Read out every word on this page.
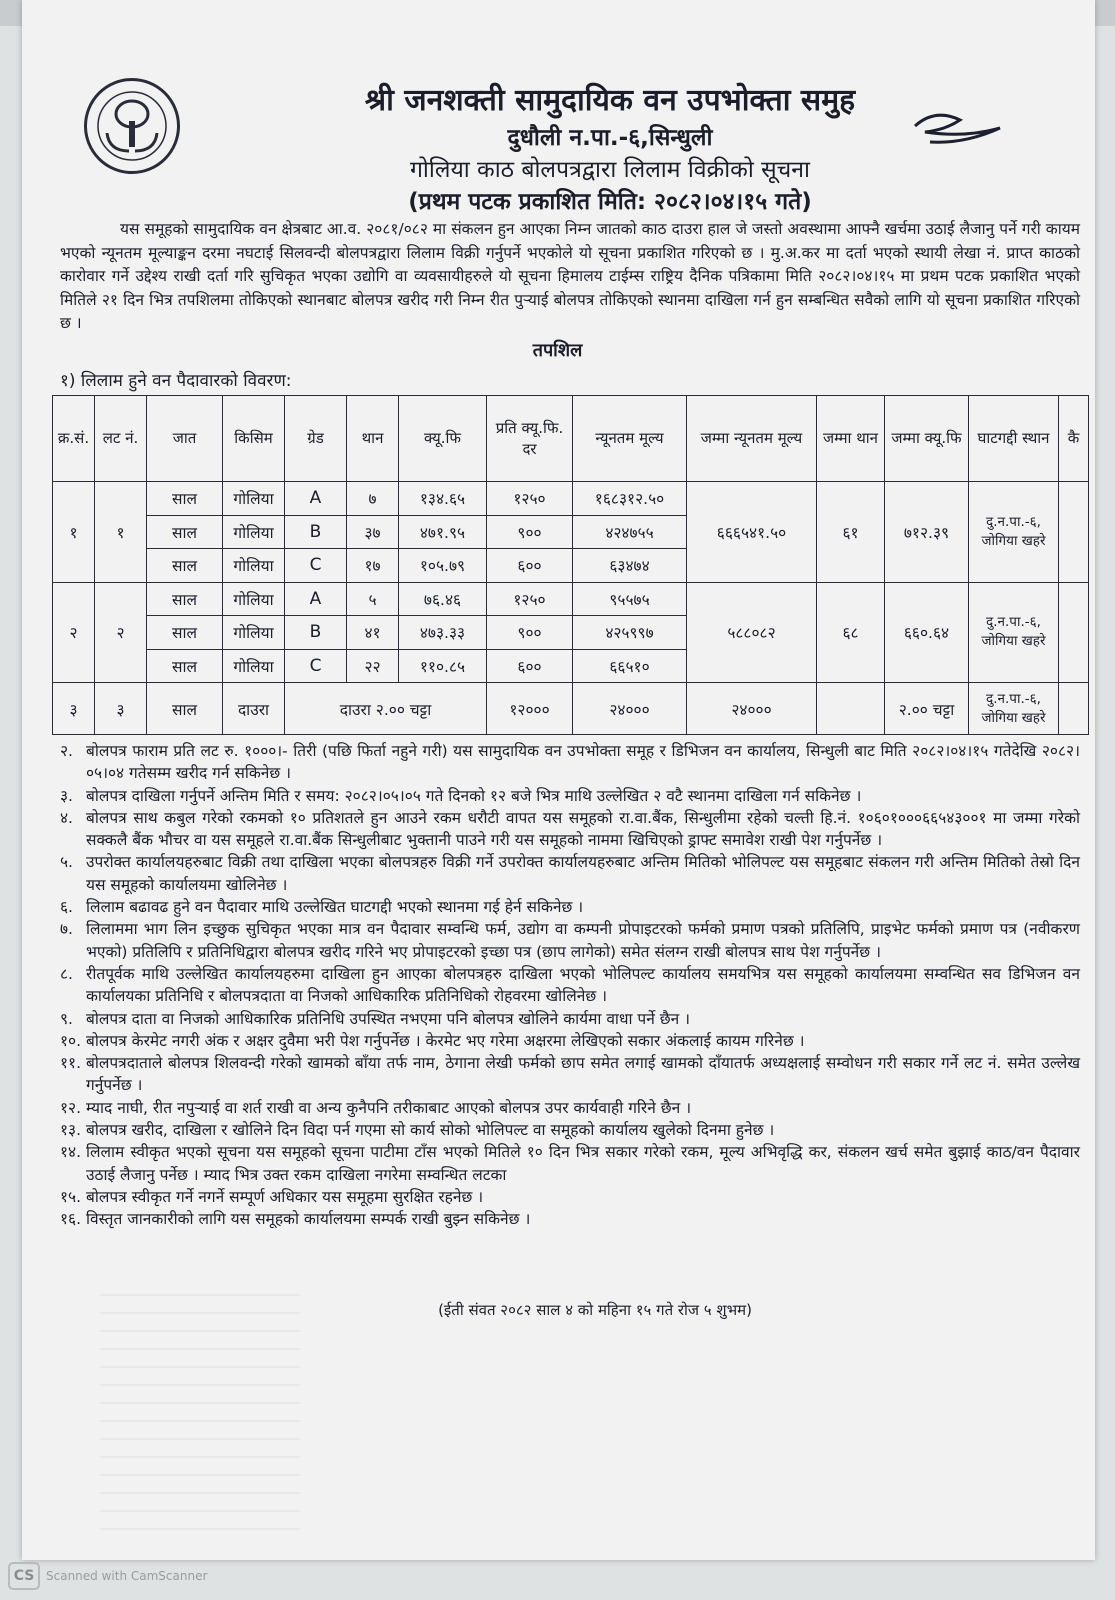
श्री जनशक्ती सामुदायिक वन उपभोक्ता समुह
दुधौली न.पा.-६,सिन्धुली
गोलिया काठ बोलपत्रद्वारा लिलाम विक्रीको सूचना
(प्रथम पटक प्रकाशित मिति: २०८२।०४।१५ गते)
यस समूहको सामुदायिक वन क्षेत्रबाट आ.व. २०८१/०८२ मा संकलन हुन आएका निम्न जातको काठ दाउरा हाल जे जस्तो अवस्थामा आफ्नै खर्चमा उठाई लैजानु पर्ने गरी कायम भएको न्यूनतम मूल्याङ्कन दरमा नघटाई सिलवन्दी बोलपत्रद्वारा लिलाम विक्री गर्नुपर्ने भएकोले यो सूचना प्रकाशित गरिएको छ । मु.अ.कर मा दर्ता भएको स्थायी लेखा नं. प्राप्त काठको कारोवार गर्ने उद्देश्य राखी दर्ता गरि सुचिकृत भएका उद्योगि वा व्यवसायीहरुले यो सूचना हिमालय टाईम्स राष्ट्रिय दैनिक पत्रिकामा मिति २०८२।०४।१५ मा प्रथम पटक प्रकाशित भएको मितिले २१ दिन भित्र तपशिलमा तोकिएको स्थानबाट बोलपत्र खरीद गरी निम्न रीत पुर्‍याई बोलपत्र तोकिएको स्थानमा दाखिला गर्न हुन सम्बन्धित सवैको लागि यो सूचना प्रकाशित गरिएको छ ।
तपशिल
१) लिलाम हुने वन पैदावारको विवरण:
क्र.सं.	लट नं.	जात	किसिम	ग्रेड	थान	क्यू.फि	प्रति क्यू.फि. दर	न्यूनतम मूल्य	जम्मा न्यूनतम मूल्य	जम्मा थान	जम्मा क्यू.फि	घाटगद्दी स्थान	कै
१	१	साल	गोलिया	A	७	१३४.६५	१२५०	१६८३१२.५०	६६६५४१.५०	६१	७१२.३९	दु.न.पा.-६,
जोगिया खहरे	

		साल	गोलिया	B	३७	४७१.९५	९००	४२४७५५					
		साल	गोलिया	C	१७	१०५.७९	६००	६३४७४					
२	२	साल	गोलिया	A	५	७६.४६	१२५०	९५५७५	५८८०८२	६८	६६०.६४	दु.न.पा.-६,
जोगिया खहरे	

		साल	गोलिया	B	४१	४७३.३३	९००	४२५९९७					
		साल	गोलिया	C	२२	११०.८५	६००	६६५१०					
३	३	साल	दाउरा	दाउरा २.०० चट्टा			१२०००	२४०००	२४०००		२.०० चट्टा	दु.न.पा.-६,
जोगिया खहरे	

२. बोलपत्र फाराम प्रति लट रु. १०००।- तिरी (पछि फिर्ता नहुने गरी) यस सामुदायिक वन उपभोक्ता समूह र डिभिजन वन कार्यालय, सिन्धुली बाट मिति २०८२।०४।१५ गतेदेखि २०८२।०५।०४ गतेसम्म खरीद गर्न सकिनेछ ।
३. बोलपत्र दाखिला गर्नुपर्ने अन्तिम मिति र समय: २०८२।०५।०५ गते दिनको १२ बजे भित्र माथि उल्लेखित २ वटै स्थानमा दाखिला गर्न सकिनेछ ।
४. बोलपत्र साथ कबुल गरेको रकमको १० प्रतिशतले हुन आउने रकम धरौटी वापत यस समूहको रा.वा.बैंक, सिन्धुलीमा रहेको चल्ती हि.नं. १०६०१०००६६५४३००१ मा जम्मा गरेको सक्कलै बैंक भौचर वा यस समूहले रा.वा.बैंक सिन्धुलीबाट भुक्तानी पाउने गरी यस समूहको नाममा खिचिएको ड्राफ्ट समावेश राखी पेश गर्नुपर्नेछ ।
५. उपरोक्त कार्यालयहरुबाट विक्री तथा दाखिला भएका बोलपत्रहरु विक्री गर्ने उपरोक्त कार्यालयहरुबाट अन्तिम मितिको भोलिपल्ट यस समूहबाट संकलन गरी अन्तिम मितिको तेस्रो दिन यस समूहको कार्यालयमा खोलिनेछ ।
६. लिलाम बढावढ हुने वन पैदावार माथि उल्लेखित घाटगद्दी भएको स्थानमा गई हेर्न सकिनेछ ।
७. लिलाममा भाग लिन इच्छुक सुचिकृत भएका मात्र वन पैदावार सम्वन्धि फर्म, उद्योग वा कम्पनी प्रोपाइटरको फर्मको प्रमाण पत्रको प्रतिलिपि, प्राइभेट फर्मको प्रमाण पत्र (नवीकरण भएको) प्रतिलिपि र प्रतिनिधिद्वारा बोलपत्र खरीद गरिने भए प्रोपाइटरको इच्छा पत्र (छाप लागेको) समेत संलग्न राखी बोलपत्र साथ पेश गर्नुपर्नेछ ।
८. रीतपूर्वक माथि उल्लेखित कार्यालयहरुमा दाखिला हुन आएका बोलपत्रहरु दाखिला भएको भोलिपल्ट कार्यालय समयभित्र यस समूहको कार्यालयमा सम्वन्धित सव डिभिजन वन कार्यालयका प्रतिनिधि र बोलपत्रदाता वा निजको आधिकारिक प्रतिनिधिको रोहवरमा खोलिनेछ ।
९. बोलपत्र दाता वा निजको आधिकारिक प्रतिनिधि उपस्थित नभएमा पनि बोलपत्र खोलिने कार्यमा वाधा पर्ने छैन ।
१०. बोलपत्र केरमेट नगरी अंक र अक्षर दुवैमा भरी पेश गर्नुपर्नेछ । केरमेट भए गरेमा अक्षरमा लेखिएको सकार अंकलाई कायम गरिनेछ ।
११. बोलपत्रदाताले बोलपत्र शिलवन्दी गरेको खामको बाँया तर्फ नाम, ठेगाना लेखी फर्मको छाप समेत लगाई खामको दाँयातर्फ अध्यक्षलाई सम्वोधन गरी सकार गर्ने लट नं. समेत उल्लेख गर्नुपर्नेछ ।
१२. म्याद नाघी, रीत नपुर्‍याई वा शर्त राखी वा अन्य कुनैपनि तरीकाबाट आएको बोलपत्र उपर कार्यवाही गरिने छैन ।
१३. बोलपत्र खरीद, दाखिला र खोलिने दिन विदा पर्न गएमा सो कार्य सोको भोलिपल्ट वा समूहको कार्यालय खुलेको दिनमा हुनेछ ।
१४. लिलाम स्वीकृत भएको सूचना यस समूहको सूचना पाटीमा टाँस भएको मितिले १० दिन भित्र सकार गरेको रकम, मूल्य अभिवृद्धि कर, संकलन खर्च समेत बुझाई काठ/वन पैदावार उठाई लैजानु पर्नेछ । म्याद भित्र उक्त रकम दाखिला नगरेमा सम्वन्धित लटका
१५. बोलपत्र स्वीकृत गर्ने नगर्ने सम्पूर्ण अधिकार यस समूहमा सुरक्षित रहनेछ ।
१६. विस्तृत जानकारीको लागि यस समूहको कार्यालयमा सम्पर्क राखी बुझ्न सकिनेछ ।
(ईती संवत २०८२ साल ४ को महिना १५ गते रोज ५ शुभम)
CS Scanned with CamScanner
